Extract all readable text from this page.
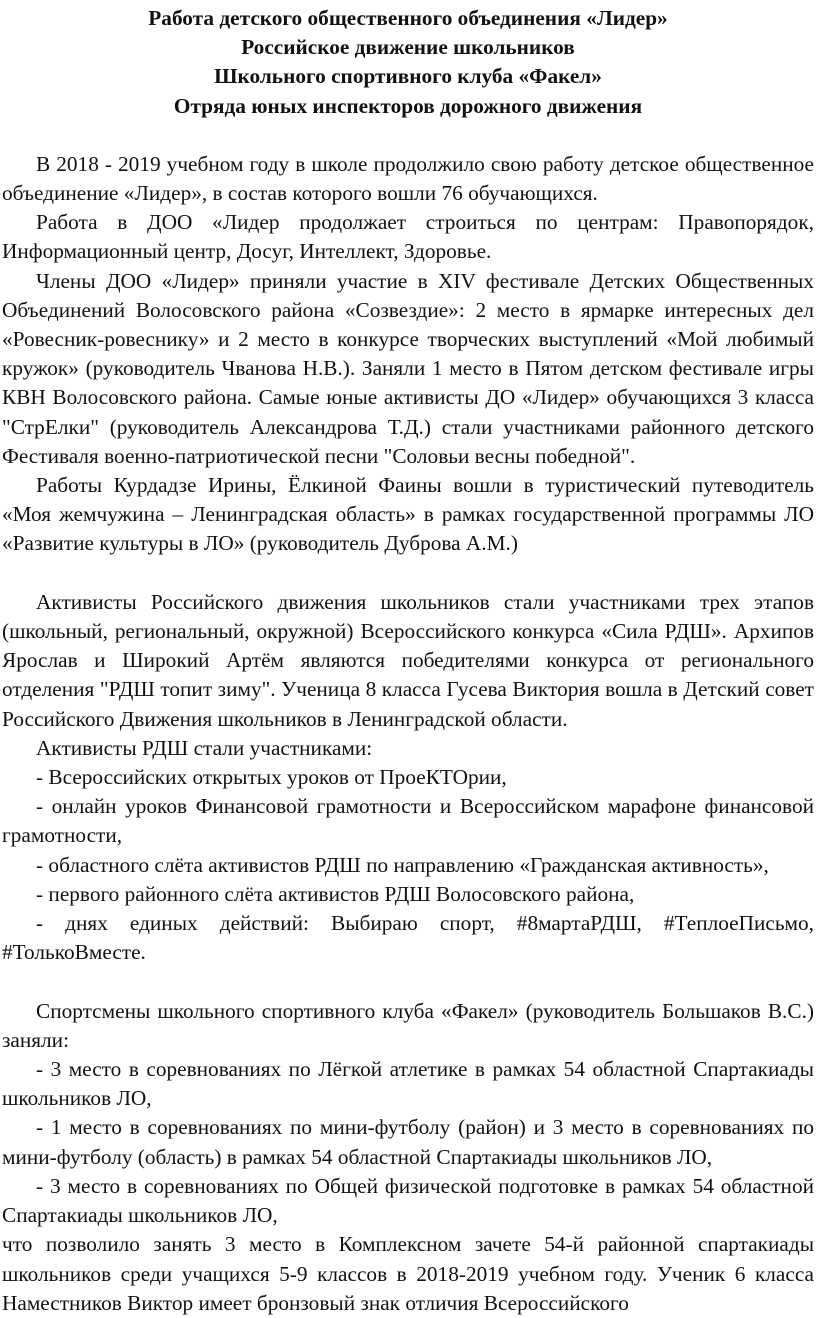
Работа детского общественного объединения «Лидер»
Российское движение школьников
Школьного спортивного клуба «Факел»
Отряда юных инспекторов дорожного движения

В 2018 - 2019 учебном году в школе продолжило свою работу детское общественное объединение «Лидер», в состав которого вошли 76 обучающихся.

Работа в ДОО «Лидер продолжает строиться по центрам: Правопорядок, Информационный центр, Досуг, Интеллект, Здоровье.

Члены ДОО «Лидер» приняли участие в XIV фестивале Детских Общественных Объединений Волосовского района «Созвездие»: 2 место в ярмарке интересных дел «Ровесник-ровеснику» и 2 место в конкурсе творческих выступлений «Мой любимый кружок» (руководитель Чванова Н.В.). Заняли 1 место в Пятом детском фестивале игры КВН Волосовского района. Самые юные активисты ДО «Лидер» обучающихся 3 класса "СтрЕлки" (руководитель Александрова Т.Д.) стали участниками районного детского Фестиваля военно-патриотической песни "Соловьи весны победной".

Работы Курдадзе Ирины, Ёлкиной Фаины вошли в туристический путеводитель «Моя жемчужина – Ленинградская область» в рамках государственной программы ЛО «Развитие культуры в ЛО» (руководитель Дуброва А.М.)

Активисты Российского движения школьников стали участниками трех этапов (школьный, региональный, окружной) Всероссийского конкурса «Сила РДШ». Архипов Ярослав и Широкий Артём являются победителями конкурса от регионального отделения "РДШ топит зиму". Ученица 8 класса Гусева Виктория вошла в Детский совет Российского Движения школьников в Ленинградской области.

Активисты РДШ стали участниками:

- Всероссийских открытых уроков от ПроеКТОрии,

- онлайн уроков Финансовой грамотности и Всероссийском марафоне финансовой грамотности,

- областного слёта активистов РДШ по направлению «Гражданская активность»,

- первого районного слёта активистов РДШ Волосовского района,

- днях единых действий: Выбираю спорт, #8мартаРДШ, #ТеплоеПисьмо, #ТолькоВместе.

Спортсмены школьного спортивного клуба «Факел» (руководитель Большаков В.С.) заняли:

- 3 место в соревнованиях по Лёгкой атлетике в рамках 54 областной Спартакиады школьников ЛО,

- 1 место в соревнованиях по мини-футболу (район) и 3 место в соревнованиях по мини-футболу (область) в рамках 54 областной Спартакиады школьников ЛО,

- 3 место в соревнованиях по Общей физической подготовке в рамках 54 областной Спартакиады школьников ЛО,

что позволило занять 3 место в Комплексном зачете 54-й районной спартакиады школьников среди учащихся 5-9 классов в 2018-2019 учебном году. Ученик 6 класса Наместников Виктор имеет бронзовый знак отличия Всероссийского
